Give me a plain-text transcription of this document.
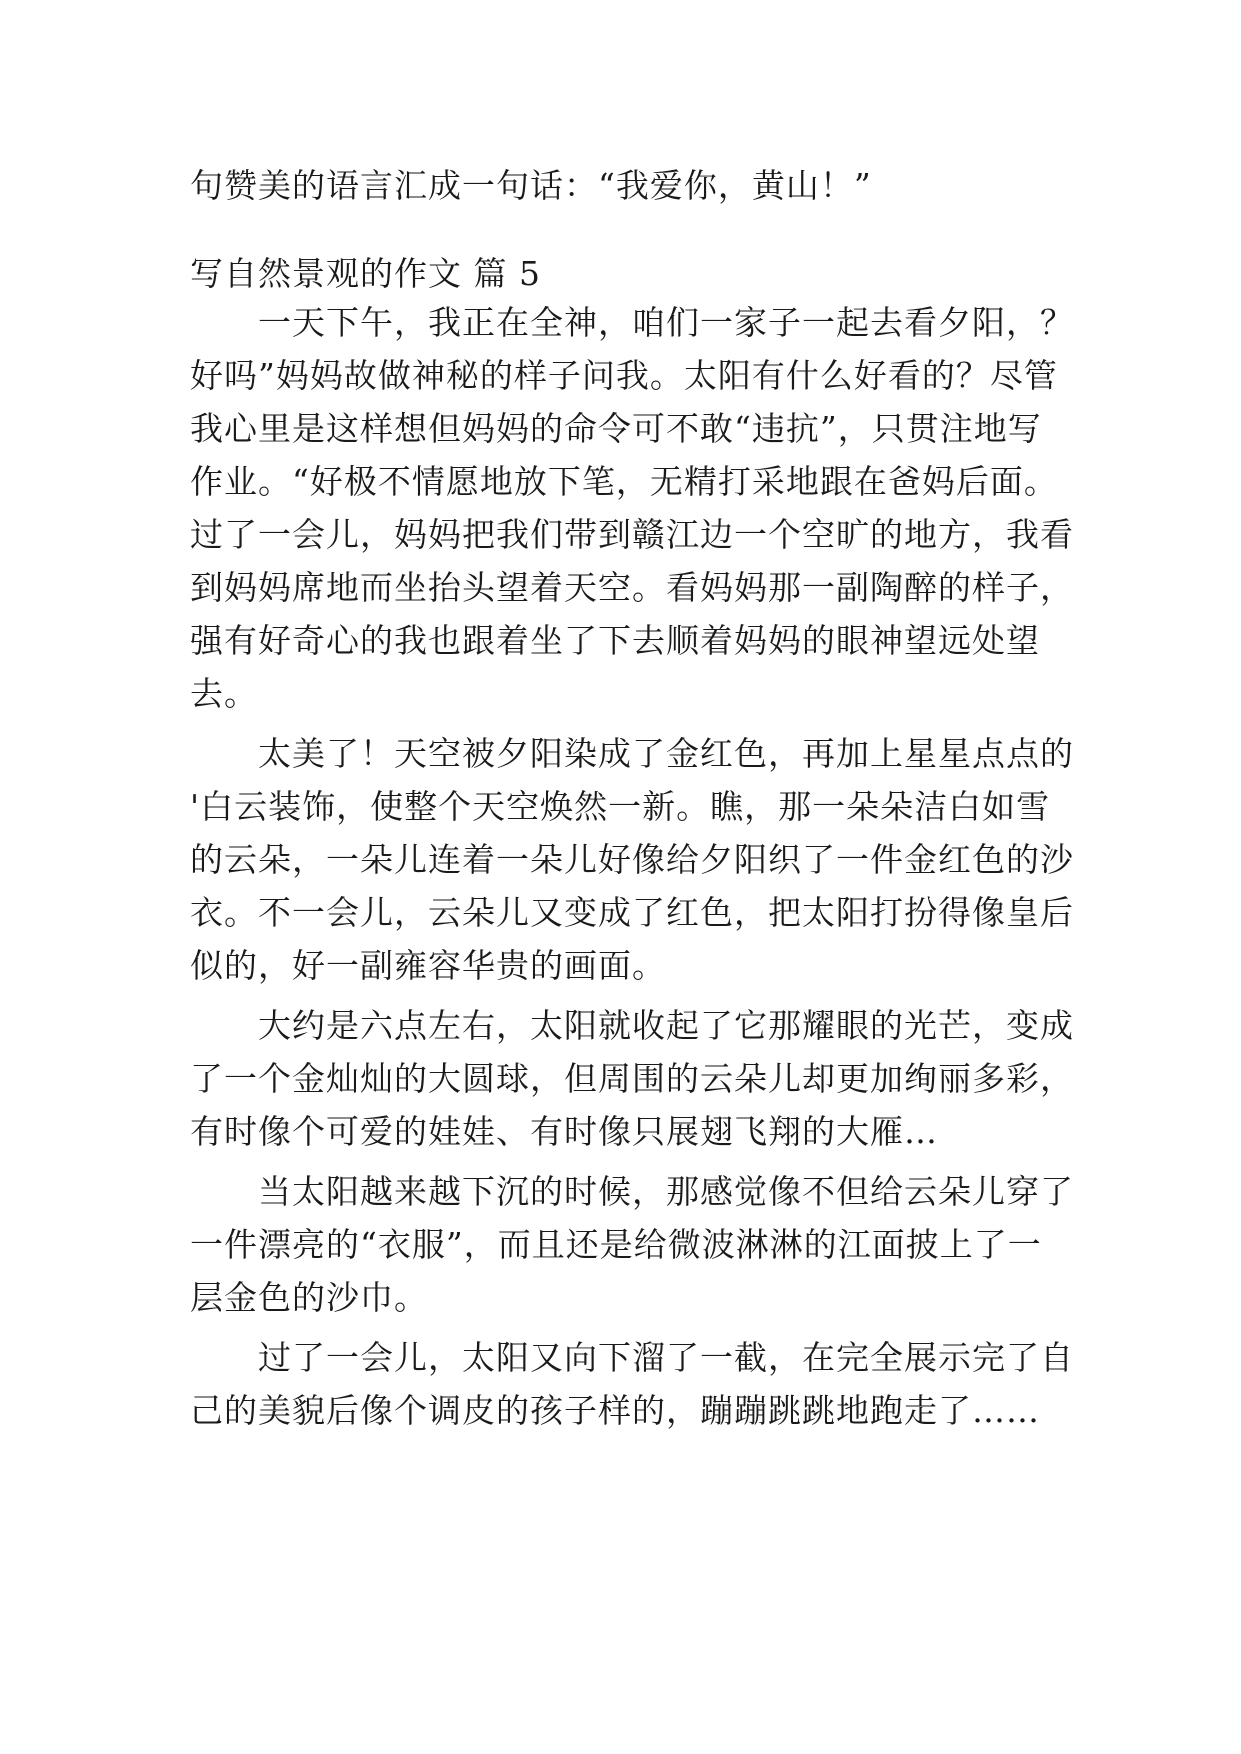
句赞美的语言汇成一句话：“我爱你，黄山！”
写自然景观的作文 篇 5
　　一天下午，我正在全神，咱们一家子一起去看夕阳，？
好吗”妈妈故做神秘的样子问我。太阳有什么好看的？尽管
我心里是这样想但妈妈的命令可不敢“违抗”，只贯注地写
作业。“好极不情愿地放下笔，无精打采地跟在爸妈后面。
过了一会儿，妈妈把我们带到赣江边一个空旷的地方，我看
到妈妈席地而坐抬头望着天空。看妈妈那一副陶醉的样子，
强有好奇心的我也跟着坐了下去顺着妈妈的眼神望远处望
去。
　　太美了！天空被夕阳染成了金红色，再加上星星点点的
'白云装饰，使整个天空焕然一新。瞧，那一朵朵洁白如雪
的云朵，一朵儿连着一朵儿好像给夕阳织了一件金红色的沙
衣。不一会儿，云朵儿又变成了红色，把太阳打扮得像皇后
似的，好一副雍容华贵的画面。
　　大约是六点左右，太阳就收起了它那耀眼的光芒，变成
了一个金灿灿的大圆球，但周围的云朵儿却更加绚丽多彩，
有时像个可爱的娃娃、有时像只展翅飞翔的大雁…
　　当太阳越来越下沉的时候，那感觉像不但给云朵儿穿了
一件漂亮的“衣服”，而且还是给微波淋淋的江面披上了一
层金色的沙巾。
　　过了一会儿，太阳又向下溜了一截，在完全展示完了自
己的美貌后像个调皮的孩子样的，蹦蹦跳跳地跑走了……
